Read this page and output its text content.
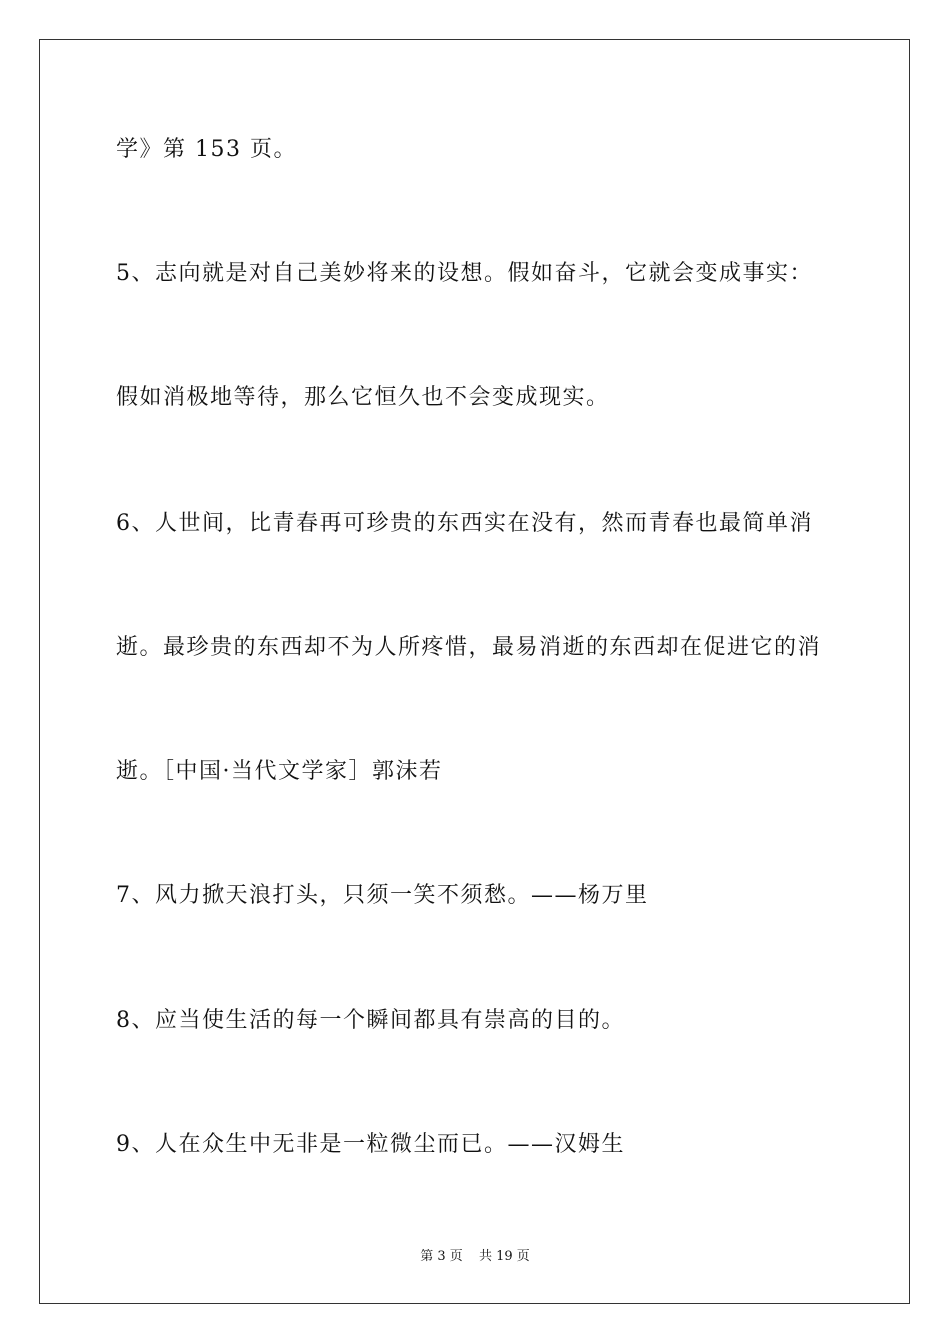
学》第 153 页。
5、志向就是对自己美妙将来的设想。假如奋斗，它就会变成事实：
假如消极地等待，那么它恒久也不会变成现实。
6、人世间，比青春再可珍贵的东西实在没有，然而青春也最简单消
逝。最珍贵的东西却不为人所疼惜，最易消逝的东西却在促进它的消
逝。［中国·当代文学家］郭沫若
7、风力掀天浪打头，只须一笑不须愁。——杨万里
8、应当使生活的每一个瞬间都具有崇高的目的。
9、人在众生中无非是一粒微尘而已。——汉姆生
第 3 页 共 19 页
